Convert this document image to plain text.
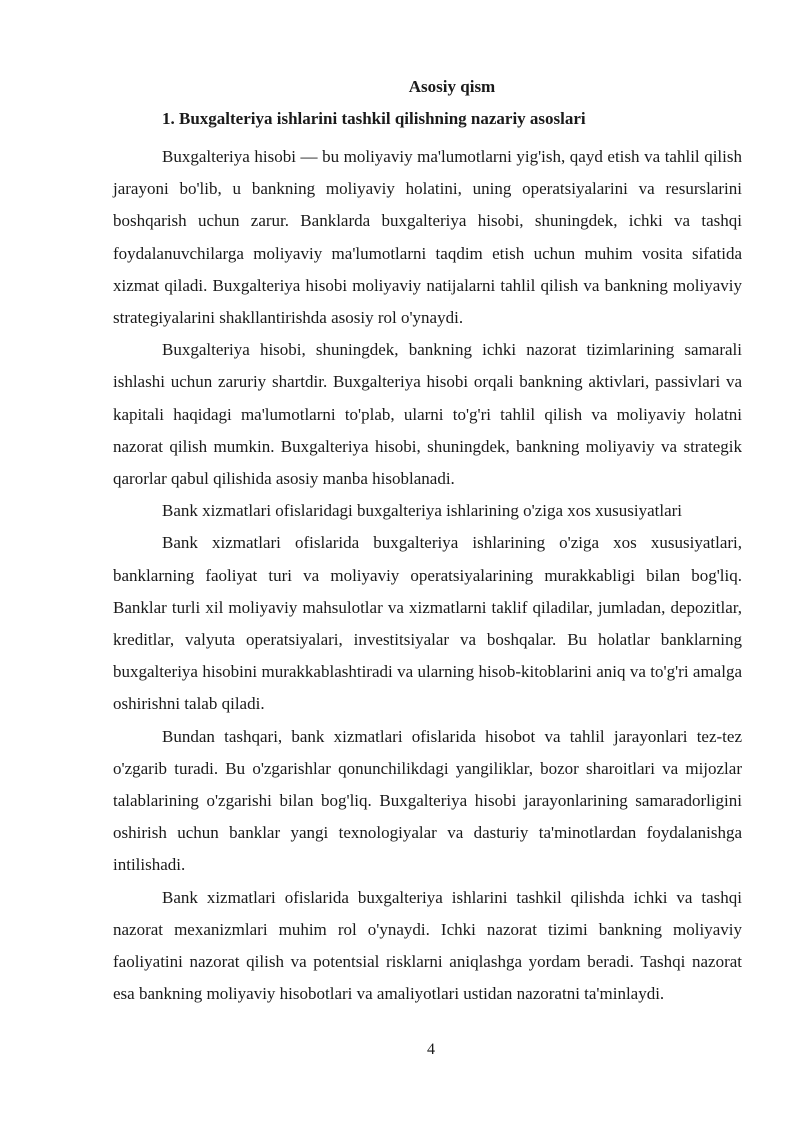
Asosiy qism
1. Buxgalteriya ishlarini tashkil qilishning nazariy asoslari

Buxgalteriya hisobi — bu moliyaviy ma'lumotlarni yig'ish, qayd etish va tahlil qilish jarayoni bo'lib, u bankning moliyaviy holatini, uning operatsiyalarini va resurslarini boshqarish uchun zarur. Banklarda buxgalteriya hisobi, shuningdek, ichki va tashqi foydalanuvchilarga moliyaviy ma'lumotlarni taqdim etish uchun muhim vosita sifatida xizmat qiladi. Buxgalteriya hisobi moliyaviy natijalarni tahlil qilish va bankning moliyaviy strategiyalarini shakllantirishda asosiy rol o'ynaydi.

Buxgalteriya hisobi, shuningdek, bankning ichki nazorat tizimlarining samarali ishlashi uchun zaruriy shartdir. Buxgalteriya hisobi orqali bankning aktivlari, passivlari va kapitali haqidagi ma'lumotlarni to'plab, ularni to'g'ri tahlil qilish va moliyaviy holatni nazorat qilish mumkin. Buxgalteriya hisobi, shuningdek, bankning moliyaviy va strategik qarorlar qabul qilishida asosiy manba hisoblanadi.

Bank xizmatlari ofislaridagi buxgalteriya ishlarining o'ziga xos xususiyatlari

Bank xizmatlari ofislarida buxgalteriya ishlarining o'ziga xos xususiyatlari, banklarning faoliyat turi va moliyaviy operatsiyalarining murakkabligi bilan bog'liq. Banklar turli xil moliyaviy mahsulotlar va xizmatlarni taklif qiladilar, jumladan, depozitlar, kreditlar, valyuta operatsiyalari, investitsiyalar va boshqalar. Bu holatlar banklarning buxgalteriya hisobini murakkablashtiradi va ularning hisob-kitoblarini aniq va to'g'ri amalga oshirishni talab qiladi.

Bundan tashqari, bank xizmatlari ofislarida hisobot va tahlil jarayonlari tez-tez o'zgarib turadi. Bu o'zgarishlar qonunchilikdagi yangiliklar, bozor sharoitlari va mijozlar talablarining o'zgarishi bilan bog'liq. Buxgalteriya hisobi jarayonlarining samaradorligini oshirish uchun banklar yangi texnologiyalar va dasturiy ta'minotlardan foydalanishga intilishadi.

Bank xizmatlari ofislarida buxgalteriya ishlarini tashkil qilishda ichki va tashqi nazorat mexanizmlari muhim rol o'ynaydi. Ichki nazorat tizimi bankning moliyaviy faoliyatini nazorat qilish va potentsial risklarni aniqlashga yordam beradi. Tashqi nazorat esa bankning moliyaviy hisobotlari va amaliyotlari ustidan nazoratni ta'minlaydi.

4
